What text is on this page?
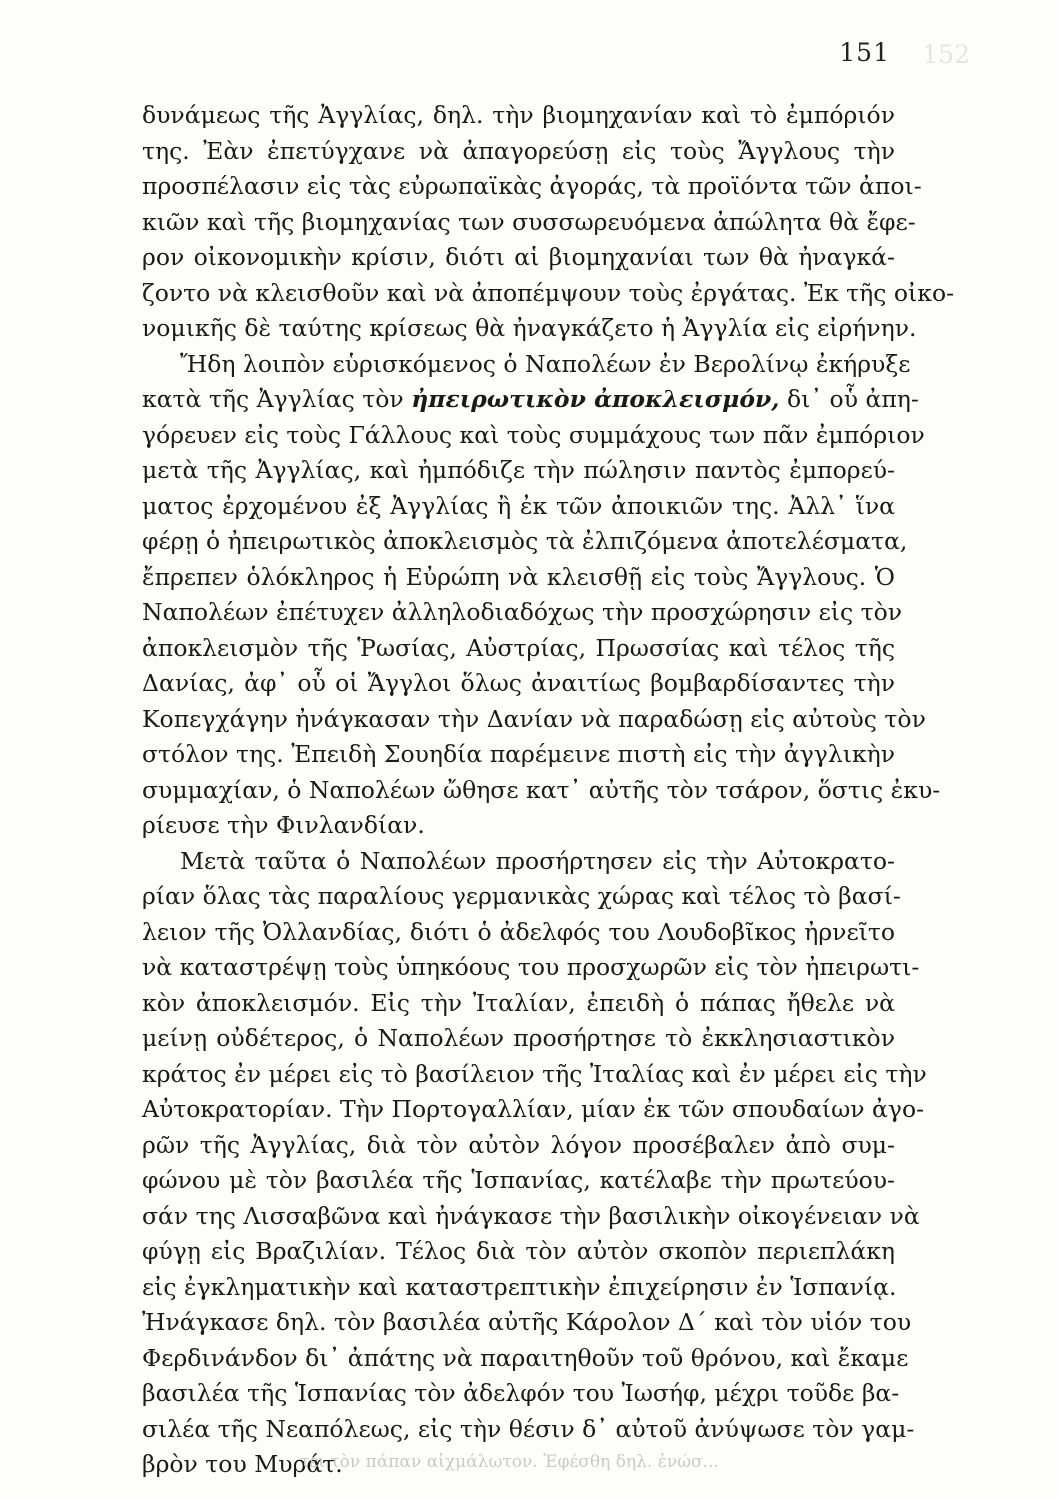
152
151
δυνάμεως τῆς Ἀγγλίας, δηλ. τὴν βιομηχανίαν καὶ τὸ ἐμπόριόν
της. Ἐὰν ἐπετύγχανε νὰ ἀπαγορεύσῃ εἰς τοὺς Ἄγγλους τὴν
προσπέλασιν εἰς τὰς εὐρωπαϊκὰς ἀγοράς, τὰ προϊόντα τῶν ἀποι-
κιῶν καὶ τῆς βιομηχανίας των συσσωρευόμενα ἀπώλητα θὰ ἔφε-
ρον οἰκονομικὴν κρίσιν, διότι αἱ βιομηχανίαι των θὰ ἠναγκά-
ζοντο νὰ κλεισθοῦν καὶ νὰ ἀποπέμψουν τοὺς ἐργάτας. Ἐκ τῆς οἰκο-
νομικῆς δὲ ταύτης κρίσεως θὰ ἠναγκάζετο ἡ Ἀγγλία εἰς εἰρήνην.
Ἤδη λοιπὸν εὑρισκόμενος ὁ Ναπολέων ἐν Βερολίνῳ ἐκήρυξε
κατὰ τῆς Ἀγγλίας τὸν ἠπειρωτικὸν ἀποκλεισμόν, δι᾽ οὗ ἀπη-
γόρευεν εἰς τοὺς Γάλλους καὶ τοὺς συμμάχους των πᾶν ἐμπόριον
μετὰ τῆς Ἀγγλίας, καὶ ἠμπόδιζε τὴν πώλησιν παντὸς ἐμπορεύ-
ματος ἐρχομένου ἐξ Ἀγγλίας ἢ ἐκ τῶν ἀποικιῶν της. Ἀλλ᾽ ἵνα
φέρῃ ὁ ἠπειρωτικὸς ἀποκλεισμὸς τὰ ἐλπιζόμενα ἀποτελέσματα,
ἔπρεπεν ὁλόκληρος ἡ Εὐρώπη νὰ κλεισθῇ εἰς τοὺς Ἄγγλους. Ὁ
Ναπολέων ἐπέτυχεν ἀλληλοδιαδόχως τὴν προσχώρησιν εἰς τὸν
ἀποκλεισμὸν τῆς Ῥωσίας, Αὐστρίας, Πρωσσίας καὶ τέλος τῆς
Δανίας, ἀφ᾽ οὗ οἱ Ἄγγλοι ὅλως ἀναιτίως βομβαρδίσαντες τὴν
Κοπεγχάγην ἠνάγκασαν τὴν Δανίαν νὰ παραδώσῃ εἰς αὐτοὺς τὸν
στόλον της. Ἐπειδὴ Σουηδία παρέμεινε πιστὴ εἰς τὴν ἀγγλικὴν
συμμαχίαν, ὁ Ναπολέων ὤθησε κατ᾽ αὐτῆς τὸν τσάρον, ὅστις ἐκυ-
ρίευσε τὴν Φινλανδίαν.
Μετὰ ταῦτα ὁ Ναπολέων προσήρτησεν εἰς τὴν Αὐτοκρατο-
ρίαν ὅλας τὰς παραλίους γερμανικὰς χώρας καὶ τέλος τὸ βασί-
λειον τῆς Ὀλλανδίας, διότι ὁ ἀδελφός του Λουδοβῖκος ἠρνεῖτο
νὰ καταστρέψῃ τοὺς ὑπηκόους του προσχωρῶν εἰς τὸν ἠπειρωτι-
κὸν ἀποκλεισμόν. Εἰς τὴν Ἰταλίαν, ἐπειδὴ ὁ πάπας ἤθελε νὰ
μείνῃ οὐδέτερος, ὁ Ναπολέων προσήρτησε τὸ ἐκκλησιαστικὸν
κράτος ἐν μέρει εἰς τὸ βασίλειον τῆς Ἰταλίας καὶ ἐν μέρει εἰς τὴν
Αὐτοκρατορίαν. Τὴν Πορτογαλλίαν, μίαν ἐκ τῶν σπουδαίων ἀγο-
ρῶν τῆς Ἀγγλίας, διὰ τὸν αὐτὸν λόγον προσέβαλεν ἀπὸ συμ-
φώνου μὲ τὸν βασιλέα τῆς Ἱσπανίας, κατέλαβε τὴν πρωτεύου-
σάν της Λισσαβῶνα καὶ ἠνάγκασε τὴν βασιλικὴν οἰκογένειαν νὰ
φύγῃ εἰς Βραζιλίαν. Τέλος διὰ τὸν αὐτὸν σκοπὸν περιεπλάκη
εἰς ἐγκληματικὴν καὶ καταστρεπτικὴν ἐπιχείρησιν ἐν Ἱσπανίᾳ.
Ἠνάγκασε δηλ. τὸν βασιλέα αὐτῆς Κάρολον Δ΄ καὶ τὸν υἱόν του
Φερδινάνδον δι᾽ ἀπάτης νὰ παραιτηθοῦν τοῦ θρόνου, καὶ ἔκαμε
βασιλέα τῆς Ἱσπανίας τὸν ἀδελφόν του Ἰωσήφ, μέχρι τοῦδε βα-
σιλέα τῆς Νεαπόλεως, εἰς τὴν θέσιν δ᾽ αὐτοῦ ἀνύψωσε τὸν γαμ-
βρὸν του Μυράτ.
τει τὸν πάπαν αἰχμάλωτον. Ἐφέσθη δηλ. ἐνώσ...
